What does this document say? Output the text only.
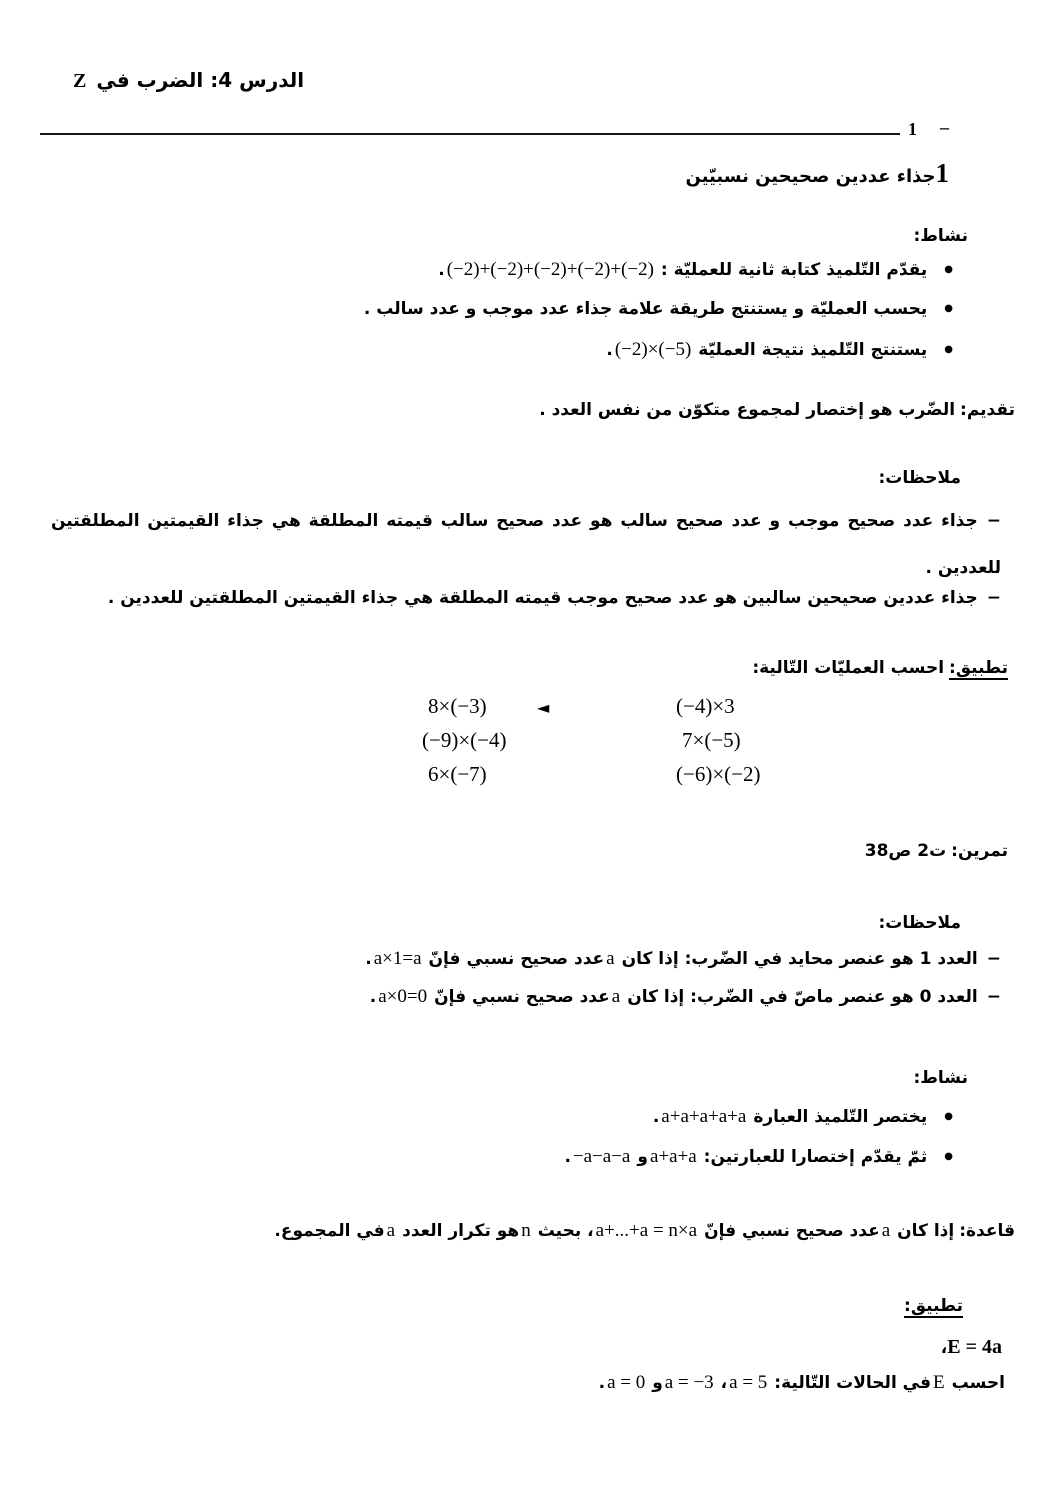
الدرس 4: الضرب فيZ
1 –
1جذاء عددين صحيحين نسبيّين
نشاط:
●يقدّم التّلميذ كتابة ثانية للعمليّة :(−2)+(−2)+(−2)+(−2)+(−2).
●يحسب العمليّة و يستنتج طريقة علامة جذاء عدد موجب و عدد سالب .
●يستنتج التّلميذ نتيجة العمليّة(−2)×(−5).
تقديم:الضّرب هو إختصار لمجموع متكوّن من نفس العدد .
ملاحظات:
−جذاء عدد صحيح موجب و عدد صحيح سالب هو عدد صحيح سالب قيمته المطلقة هي جذاء القيمتين المطلقتين للعددين .
−جذاء عددين صحيحين سالبين هو عدد صحيح موجب قيمته المطلقة هي جذاء القيمتين المطلقتين للعددين .
تطبيق:احسب العمليّات التّالية:
8×(−3)
(−9)×(−4)
6×(−7)
(−4)×3
7×(−5)
(−6)×(−2)
◄
تمرين:ت2 ص38
ملاحظات:
−العدد 1 هو عنصر محايد في الضّرب: إذا كانaعدد صحيح نسبي فإنّa×1=a.
−العدد 0 هو عنصر ماصّ في الضّرب: إذا كانaعدد صحيح نسبي فإنّa×0=0.
نشاط:
●يختصر التّلميذ العبارةa+a+a+a+a.
●ثمّ يقدّم إختصارا للعبارتين:a+a+aو−a−a−a.
قاعدة:إذا كانaعدد صحيح نسبي فإنّa+...+a = n×a، بحيثnهو تكرار العددaفي المجموع.
تطبيق:
E = 4a،
احسبEفي الحالات التّالية:a = 5،a = −3وa = 0.
